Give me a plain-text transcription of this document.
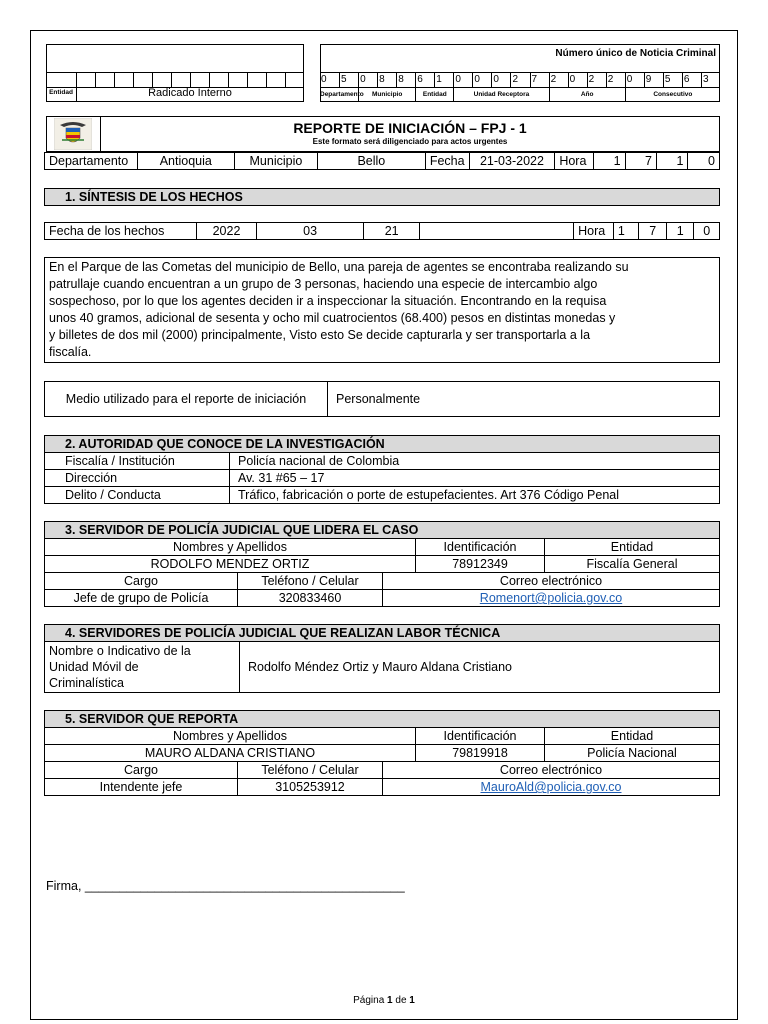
Entidad	Radicado Interno
Número único de Noticia Criminal
0	5	0	8	8	6	1	0	0	0	2	7	2	0	2	2	0	9	5	6	3
Departamento	Municipio	Entidad	Unidad Receptora	Año	Consecutivo
REPORTE DE INICIACIÓN – FPJ - 1
Este formato será diligenciado para actos urgentes
Departamento	Antioquia	Municipio	Bello	Fecha	21-03-2022	Hora	1	7	1	0
1. SÍNTESIS DE LOS HECHOS
Fecha de los hechos	2022	03	21		Hora	1	7	1	0
En el Parque de las Cometas del municipio de Bello, una pareja de agentes se encontraba realizando su
patrullaje cuando encuentran a un grupo de 3 personas, haciendo una especie de intercambio algo
sospechoso, por lo que los agentes deciden ir a inspeccionar la situación. Encontrando en la requisa
unos 40 gramos, adicional de sesenta y ocho mil cuatrocientos (68.400) pesos en distintas monedas y
y billetes de dos mil (2000) principalmente, Visto esto Se decide capturarla y ser transportarla a la
fiscalía.
Medio utilizado para el reporte de iniciación	Personalmente
2. AUTORIDAD QUE CONOCE DE LA INVESTIGACIÓN	
Fiscalía / Institución	Policía nacional de Colombia
Dirección	Av. 31 #65 – 17
Delito / Conducta	Tráfico, fabricación o porte de estupefacientes. Art 376 Código Penal
3. SERVIDOR DE POLICÍA JUDICIAL QUE LIDERA EL CASO				
Nombres y Apellidos			Identificación	Entidad
RODOLFO MENDEZ ORTIZ			78912349	Fiscalía General
Cargo	Teléfono / Celular	Correo electrónico		
Jefe de grupo de Policía	320833460	Romenort@policia.gov.co		
4. SERVIDORES DE POLICÍA JUDICIAL QUE REALIZAN LABOR TÉCNICA

Nombre o Indicativo de la
Unidad Móvil de
Criminalística
	Rodolfo Méndez Ortiz y Mauro Aldana Cristiano
5. SERVIDOR QUE REPORTA				
Nombres y Apellidos			Identificación	Entidad
MAURO ALDANA CRISTIANO			79819918	Policía Nacional
Cargo	Teléfono / Celular	Correo electrónico		
Intendente jefe	3105253912	MauroAld@policia.gov.co		
Firma, ______________________________________________
Página 1 de 1
